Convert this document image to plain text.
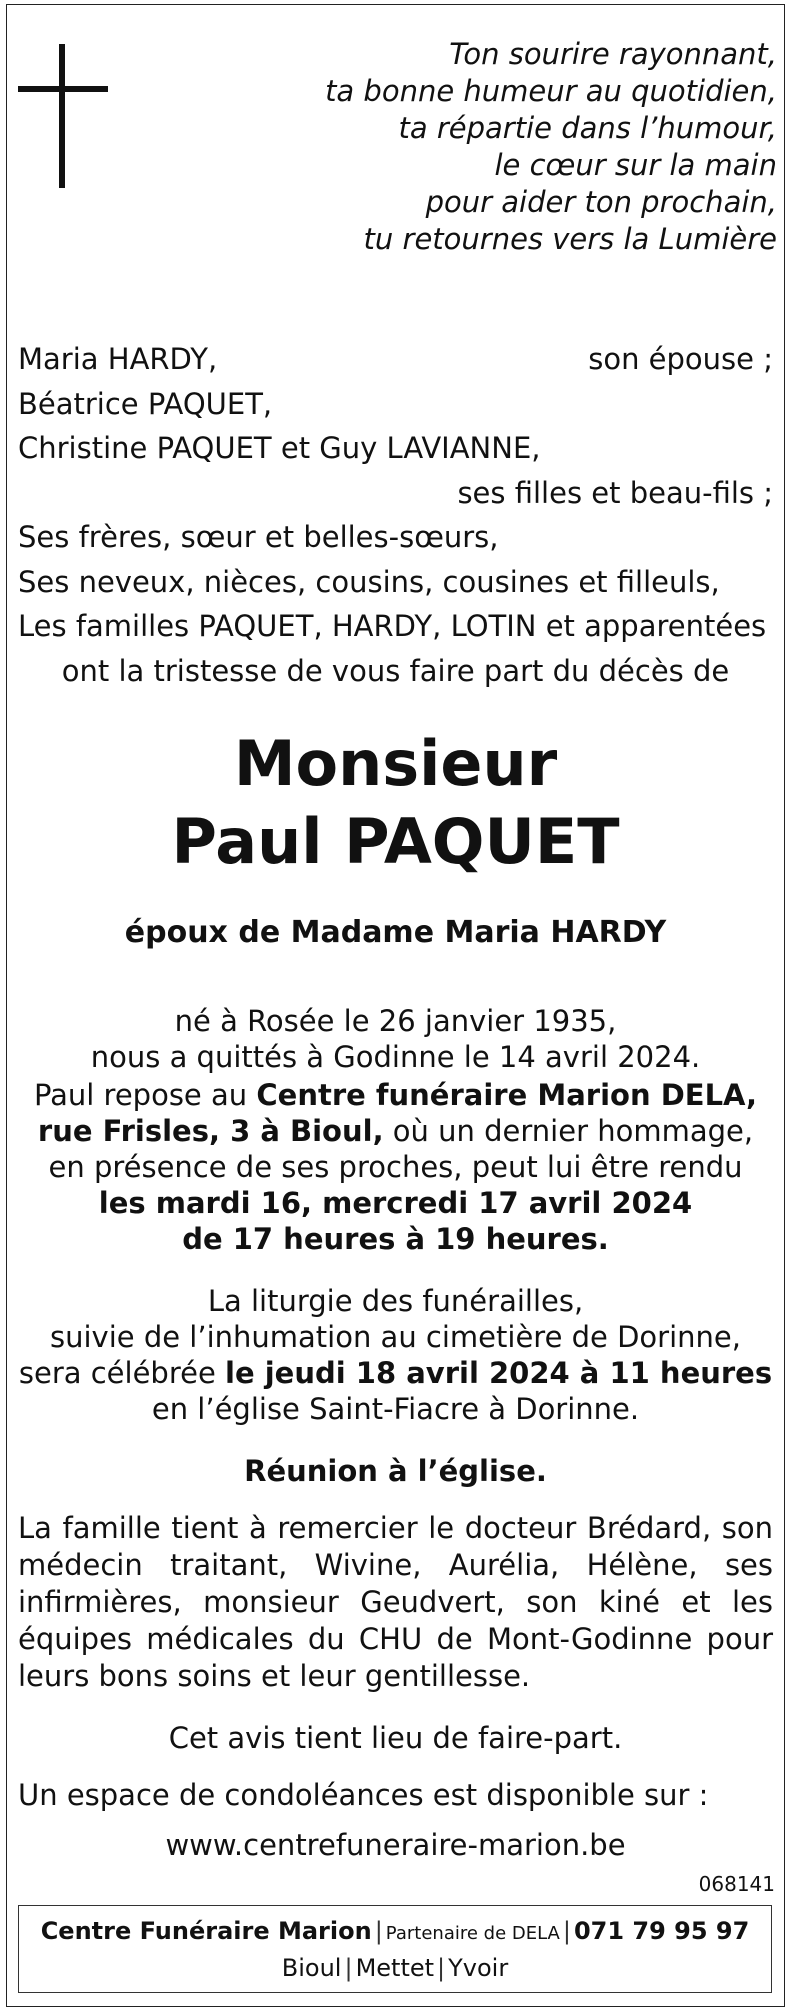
Ton sourire rayonnant,
ta bonne humeur au quotidien,
ta répartie dans l’humour,
le cœur sur la main
pour aider ton prochain,
tu retournes vers la Lumière
Maria HARDY,	son épouse ;
Béatrice PAQUET,
Christine PAQUET et Guy LAVIANNE,
ses filles et beau-fils ;
Ses frères, sœur et belles-sœurs,
Ses neveux, nièces, cousins, cousines et filleuls,
Les familles PAQUET, HARDY, LOTIN et apparentées
ont la tristesse de vous faire part du décès de
Monsieur
Paul PAQUET
époux de Madame Maria HARDY
né à Rosée le 26 janvier 1935,
nous a quittés à Godinne le 14 avril 2024.
Paul repose au Centre funéraire Marion DELA,
rue Frisles, 3 à Bioul, où un dernier hommage,
en présence de ses proches, peut lui être rendu
les mardi 16, mercredi 17 avril 2024
de 17 heures à 19 heures.
La liturgie des funérailles,
suivie de l’inhumation au cimetière de Dorinne,
sera célébrée le jeudi 18 avril 2024 à 11 heures
en l’église Saint-Fiacre à Dorinne.
Réunion à l’église.
La famille tient à remercier le docteur Brédard, son médecin traitant, Wivine, Aurélia, Hélène, ses infirmières, monsieur Geudvert, son kiné et les équipes médicales du CHU de Mont-Godinne pour leurs bons soins et leur gentillesse.
Cet avis tient lieu de faire-part.
Un espace de condoléances est disponible sur :
www.centrefuneraire-marion.be
068141
Centre Funéraire Marion | Partenaire de DELA | 071 79 95 97
Bioul | Mettet | Yvoir
